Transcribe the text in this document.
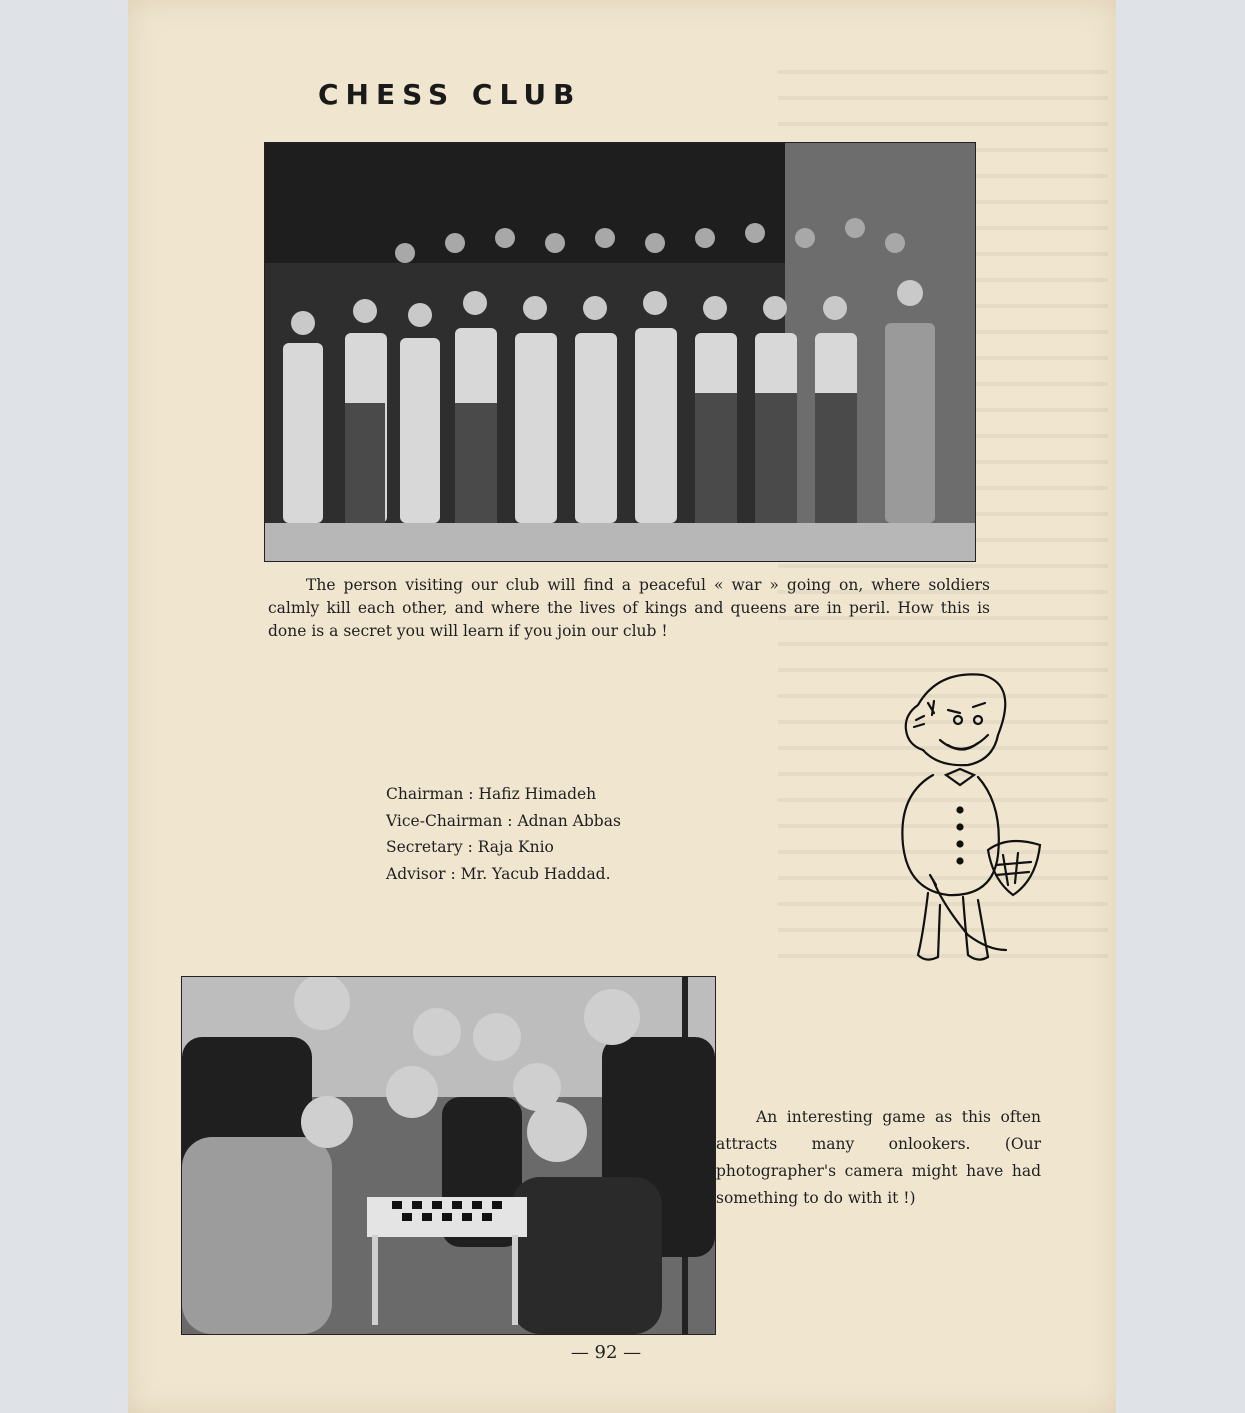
CHESS CLUB

The person visiting our club will find a peaceful « war » going on, where soldiers calmly kill each other, and where the lives of kings and queens are in peril. How this is done is a secret you will learn if you join our club !

Chairman : Hafiz Himadeh
Vice-Chairman : Adnan Abbas
Secretary : Raja Knio
Advisor : Mr. Yacub Haddad.

An interesting game as this often attracts many onlookers. (Our photographer's camera might have had something to do with it !)

— 92 —
